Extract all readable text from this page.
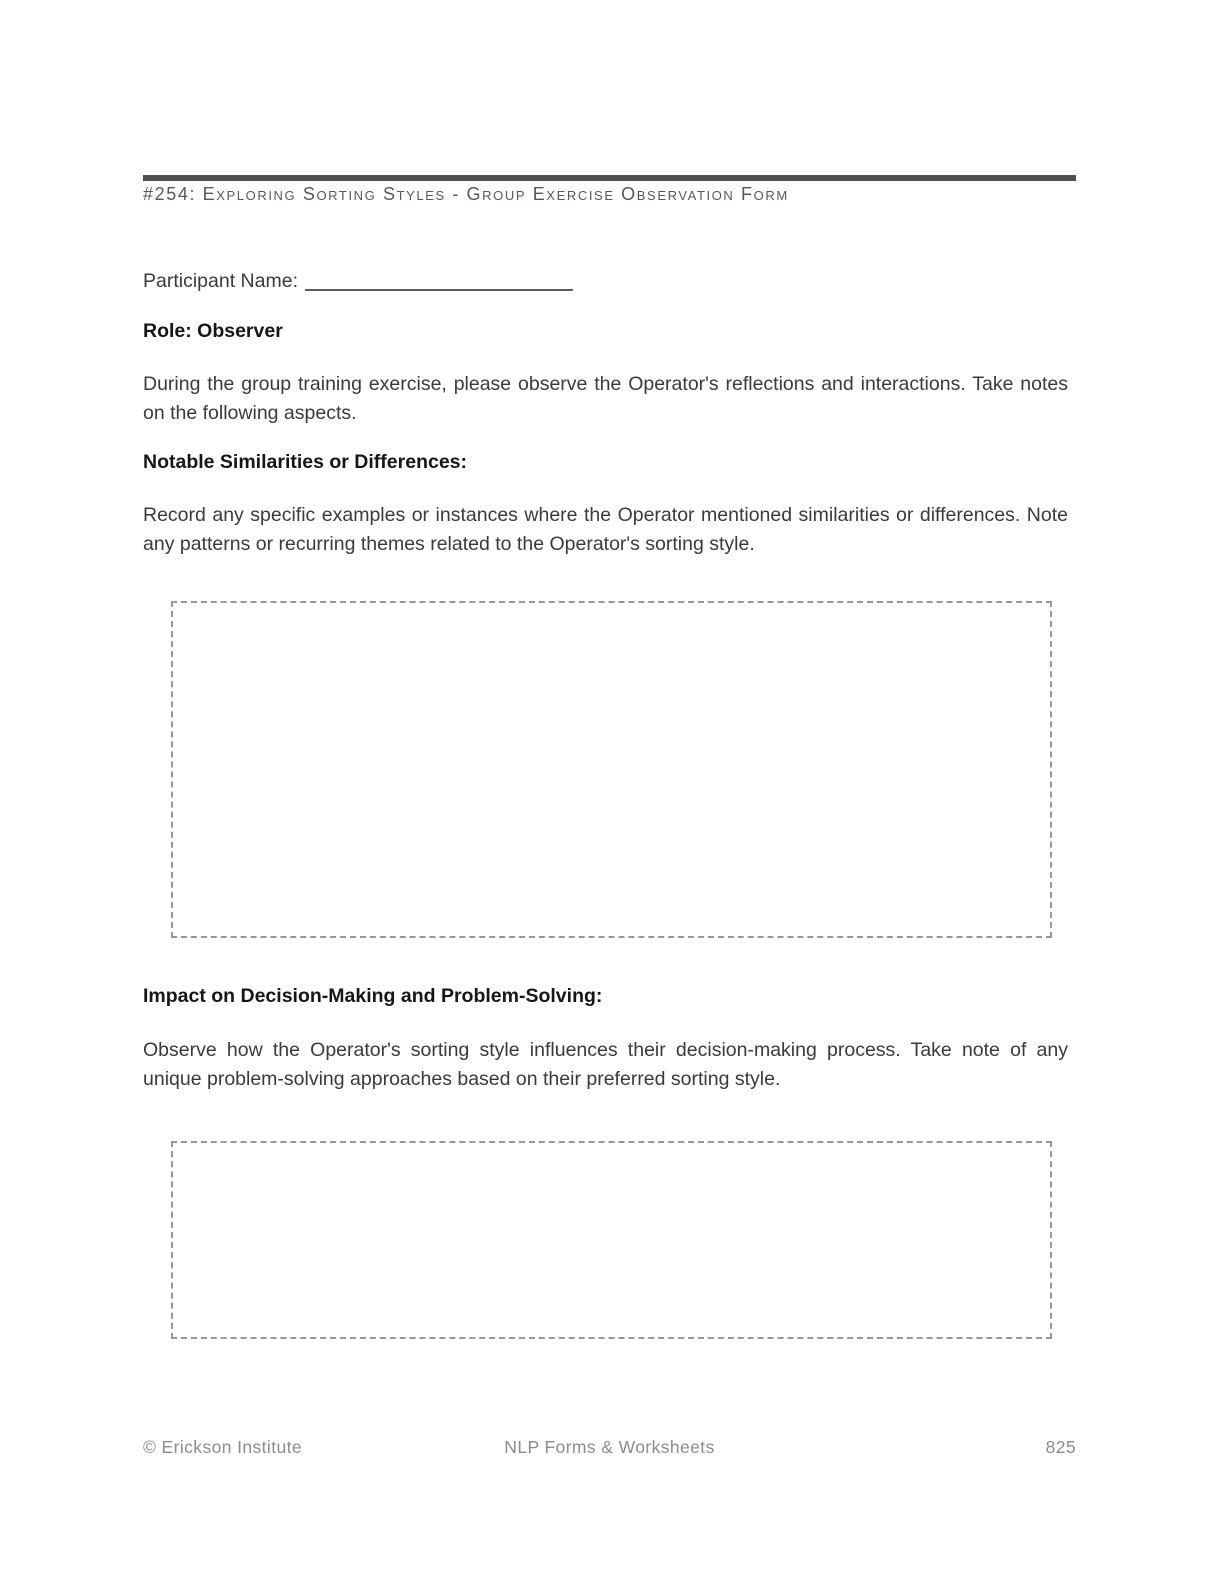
#254: Exploring Sorting Styles - Group Exercise Observation Form
Participant Name:
Role: Observer

During the group training exercise, please observe the Operator's reflections and interactions. Take notes on the following aspects.

Notable Similarities or Differences:

Record any specific examples or instances where the Operator mentioned similarities or differences. Note any patterns or recurring themes related to the Operator's sorting style.

Impact on Decision-Making and Problem-Solving:

Observe how the Operator's sorting style influences their decision-making process. Take note of any unique problem-solving approaches based on their preferred sorting style.

© Erickson Institute	NLP Forms & Worksheets	825
